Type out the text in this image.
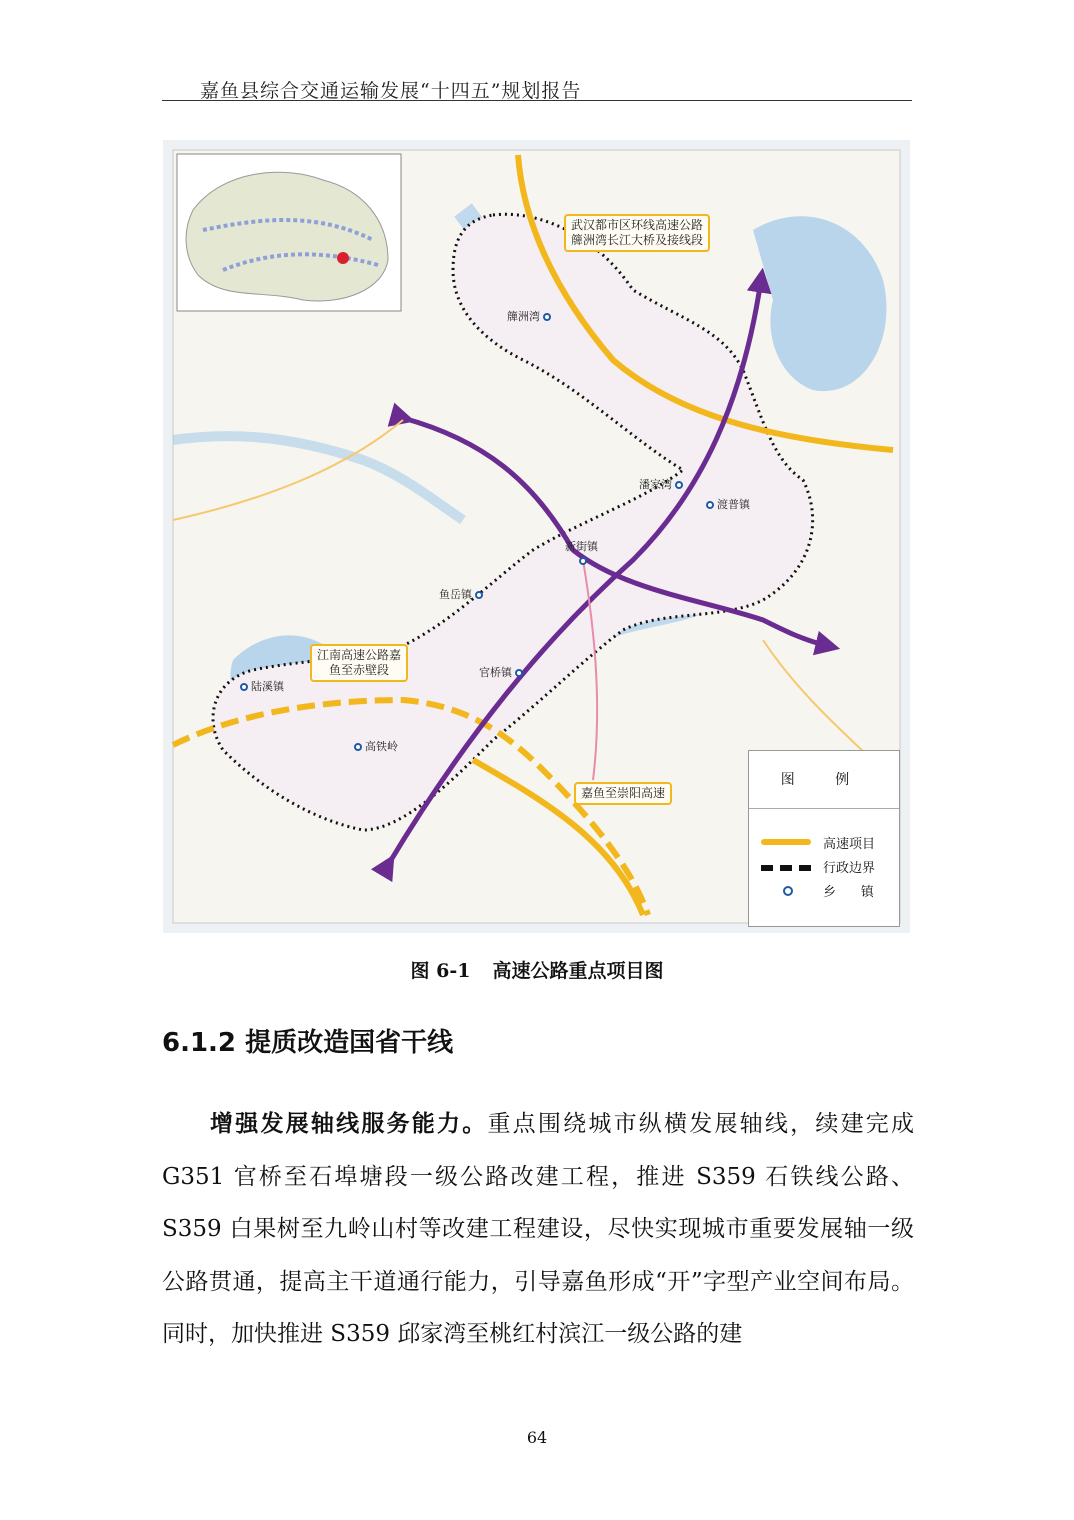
嘉鱼县综合交通运输发展“十四五”规划报告
武汉都市区环线高速公路
簰洲湾长江大桥及接线段
江南高速公路嘉
鱼至赤壁段
嘉鱼至崇阳高速
簰洲湾
渡普镇
潘家湾
新街镇

鱼岳镇
官桥镇
陆溪镇
高铁岭
图 例
高速项目
行政边界
乡      镇
图 6-1 高速公路重点项目图
6.1.2 提质改造国省干线
增强发展轴线服务能力。重点围绕城市纵横发展轴线，续建完成G351 官桥至石埠塘段一级公路改建工程，推进 S359 石铁线公路、S359 白果树至九岭山村等改建工程建设，尽快实现城市重要发展轴一级公路贯通，提高主干道通行能力，引导嘉鱼形成“开”字型产业空间布局。同时，加快推进 S359 邱家湾至桃红村滨江一级公路的建
64
